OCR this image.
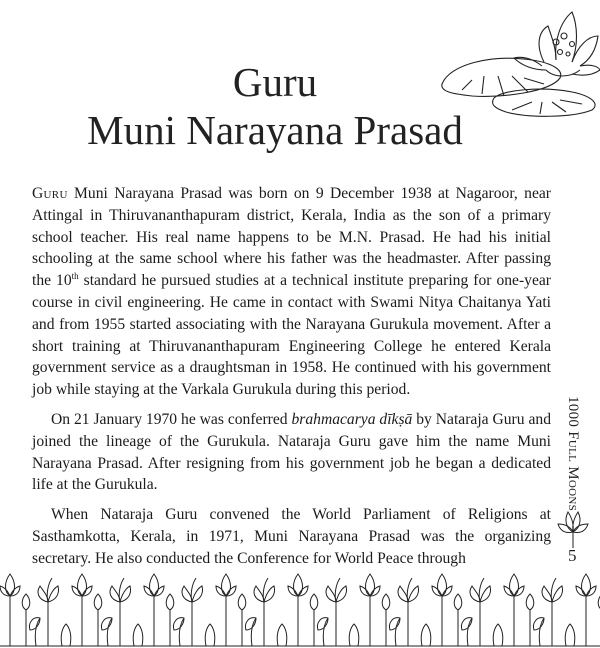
Guru
Muni Narayana Prasad

Guru Muni Narayana Prasad was born on 9 December 1938 at Nagaroor, near Attingal in Thiruvananthapuram district, Kerala, India as the son of a primary school teacher. His real name happens to be M.N. Prasad. He had his initial schooling at the same school where his father was the headmaster. After passing the 10th standard he pursued studies at a technical institute preparing for one-year course in civil engineering. He came in contact with Swami Nitya Chaitanya Yati and from 1955 started associating with the Narayana Gurukula movement. After a short training at Thiruvananthapuram Engineering College he entered Kerala government service as a draughtsman in 1958. He continued with his government job while staying at the Varkala Gurukula during this period.

On 21 January 1970 he was conferred brahmacarya dīkṣā by Nataraja Guru and joined the lineage of the Gurukula. Nataraja Guru gave him the name Muni Narayana Prasad. After resigning from his government job he began a dedicated life at the Gurukula.

When Nataraja Guru convened the World Parliament of Religions at Sasthamkotta, Kerala, in 1971, Muni Narayana Prasad was the organizing secretary. He also conducted the Conference for World Peace through

1000 Full Moons
5
